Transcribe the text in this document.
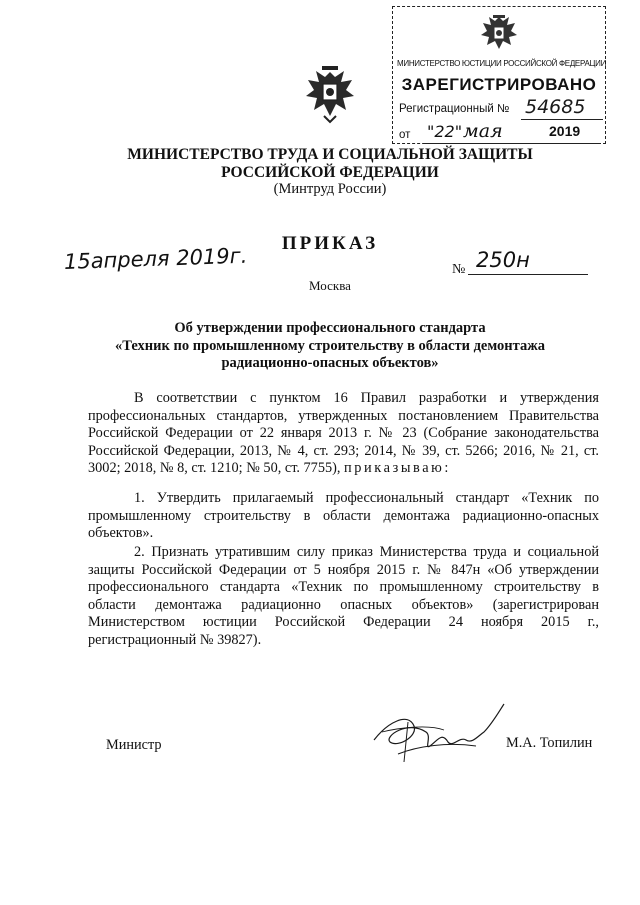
МИНИСТЕРСТВО ЮСТИЦИИ РОССИЙСКОЙ ФЕДЕРАЦИИ
ЗАРЕГИСТРИРОВАНО
Регистрационный № 54685
от "22" мая	2019
МИНИСТЕРСТВО ТРУДА И СОЦИАЛЬНОЙ ЗАЩИТЫ
РОССИЙСКОЙ ФЕДЕРАЦИИ
(Минтруд России)
ПРИКАЗ
15апреля 2019г.	№ 250н
Москва
Об утверждении профессионального стандарта
«Техник по промышленному строительству в области демонтажа
радиационно-опасных объектов»
В соответствии с пунктом 16 Правил разработки и утверждения профессиональных стандартов, утвержденных постановлением Правительства Российской Федерации от 22 января 2013 г. № 23 (Собрание законодательства Российской Федерации, 2013, № 4, ст. 293; 2014, № 39, ст. 5266; 2016, № 21, ст. 3002; 2018, № 8, ст. 1210; № 50, ст. 7755), приказываю:
1. Утвердить прилагаемый профессиональный стандарт «Техник по промышленному строительству в области демонтажа радиационно-опасных объектов».
2. Признать утратившим силу приказ Министерства труда и социальной защиты Российской Федерации от 5 ноября 2015 г. № 847н «Об утверждении профессионального стандарта «Техник по промышленному строительству в области демонтажа радиационно опасных объектов» (зарегистрирован Министерством юстиции Российской Федерации 24 ноября 2015 г., регистрационный № 39827).
Министр	М.А. Топилин
